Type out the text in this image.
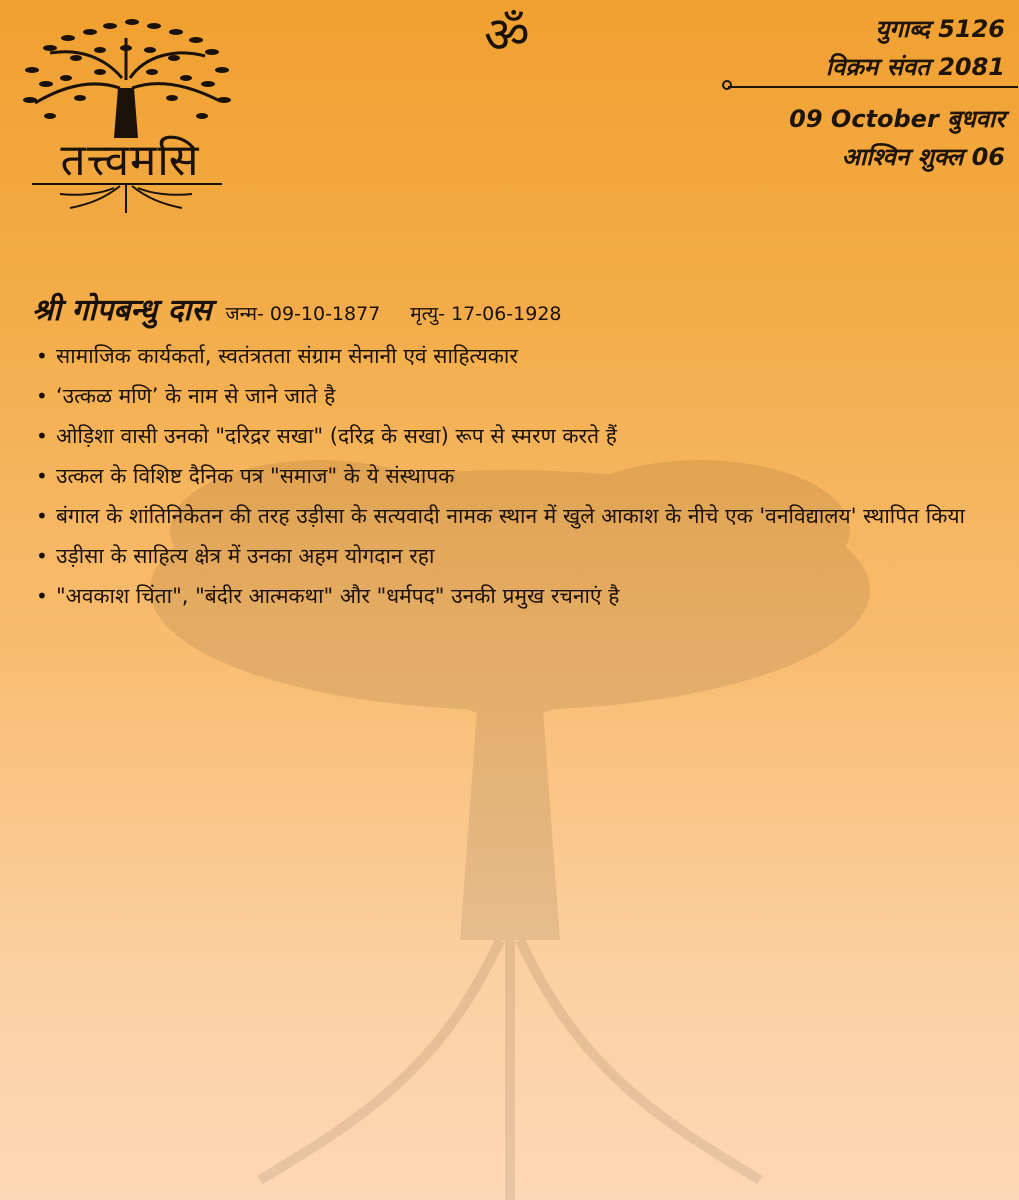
तत्त्वमसि
ॐ	युगाब्द 5126
विक्रम संवत 2081
09 October बुधवार
आश्विन शुक्ल 06
श्री गोपबन्धु दास जन्म- 09-10-1877 मृत्यु- 17-06-1928
• सामाजिक कार्यकर्ता, स्वतंत्रतता संग्राम सेनानी एवं साहित्यकार
• ‘उत्कळ मणि’ के नाम से जाने जाते है
• ओड़िशा वासी उनको "दरिद्रर सखा" (दरिद्र के सखा) रूप से स्मरण करते हैं
• उत्कल के विशिष्ट दैनिक पत्र "समाज" के ये संस्थापक
• बंगाल के शांतिनिकेतन की तरह उड़ीसा के सत्यवादी नामक स्थान में खुले आकाश के नीचे एक 'वनविद्यालय' स्थापित किया
• उड़ीसा के साहित्य क्षेत्र में उनका अहम योगदान रहा
• "अवकाश चिंता", "बंदीर आत्मकथा" और "धर्मपद" उनकी प्रमुख रचनाएं है
